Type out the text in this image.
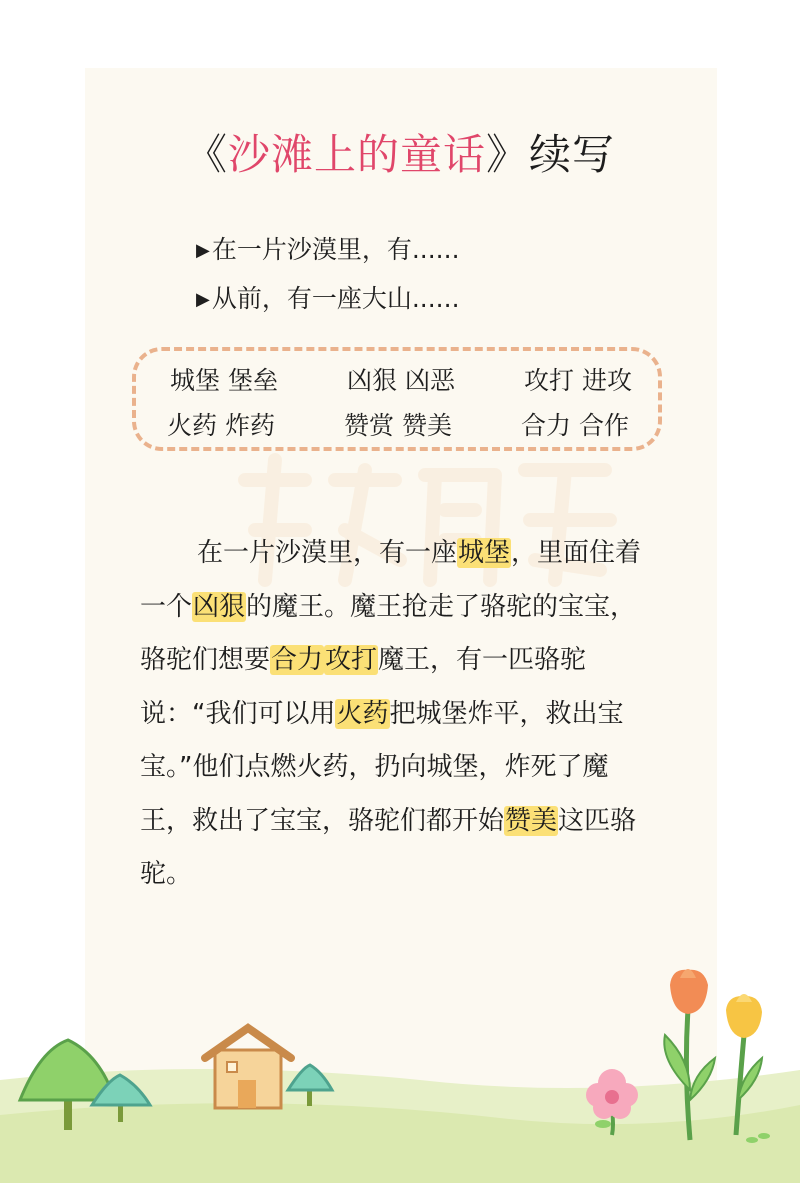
《沙滩上的童话》续写
▶在一片沙漠里，有......
▶从前，有一座大山......
城堡 堡垒	凶狠 凶恶	攻打 进攻
火药 炸药	赞赏 赞美	合力 合作
在一片沙漠里，有一座城堡，里面住着一个凶狠的魔王。魔王抢走了骆驼的宝宝，骆驼们想要合力攻打魔王，有一匹骆驼说：“我们可以用火药把城堡炸平，救出宝宝。”他们点燃火药，扔向城堡，炸死了魔王，救出了宝宝，骆驼们都开始赞美这匹骆驼。
